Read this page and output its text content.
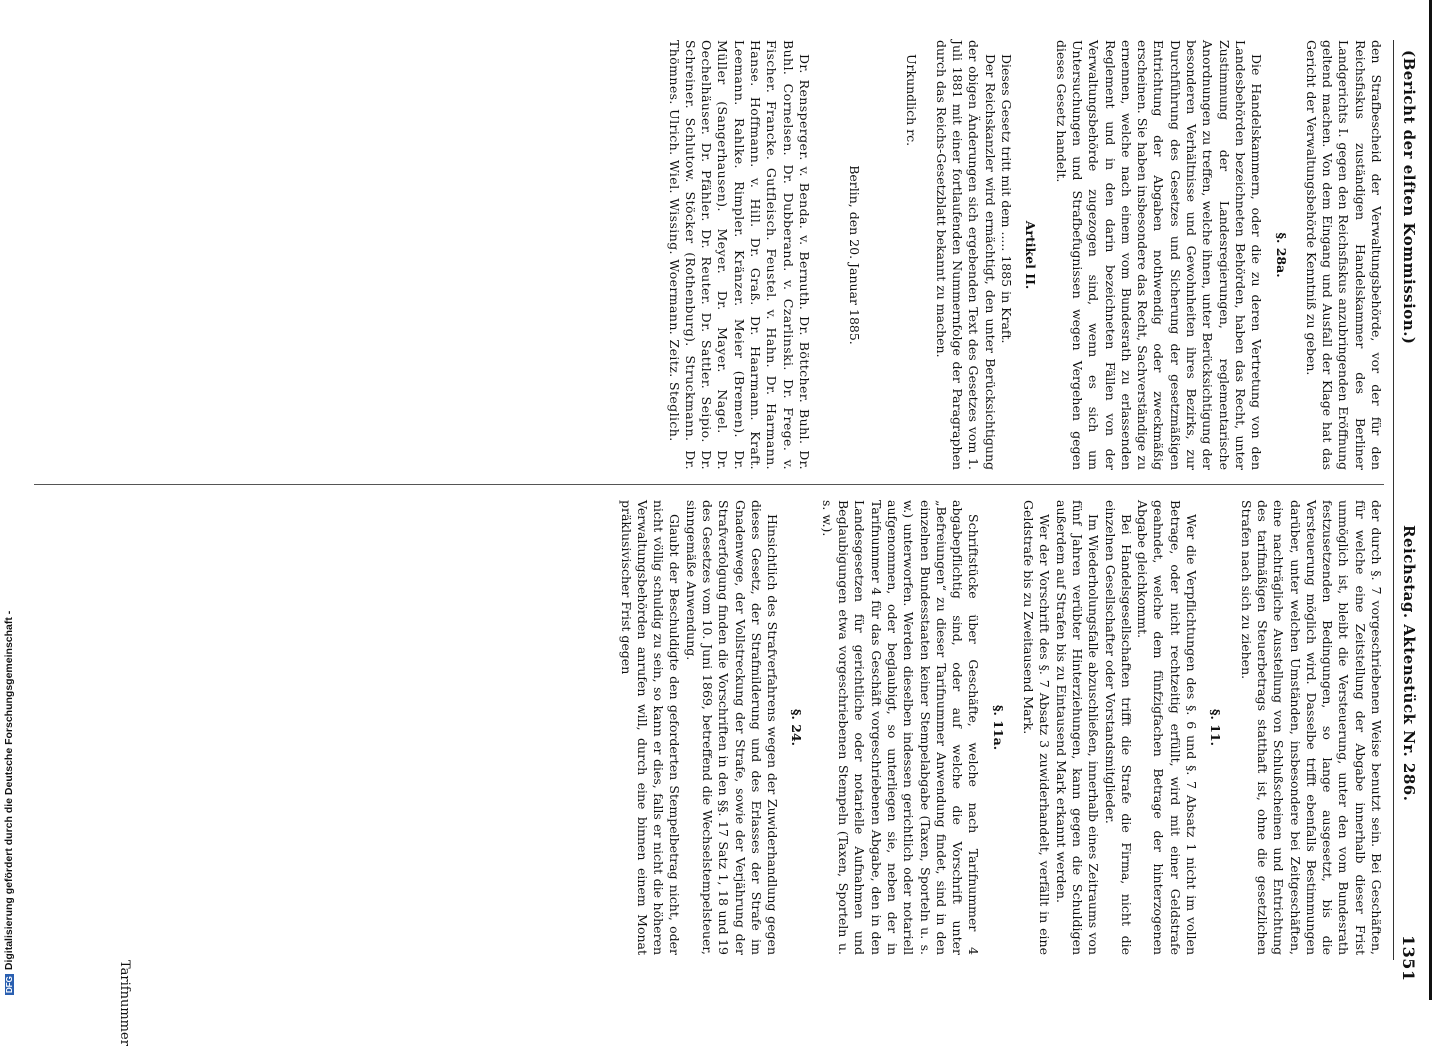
DFGDigitalisierung gefördert durch die Deutsche Forschungsgemeinschaft -
(Bericht der elften Kommission.)
Reichstag. Aktenstück Nr. 286.
1351

den Strafbescheid der Verwaltungsbehörde, vor der für den Reichsfiskus zuständigen Handelskammer des Berliner Landgerichts I. gegen den Reichsfiskus anzubringenden Eröffnung geltend machen. Von dem Eingang und Ausfall der Klage hat das Gericht der Verwaltungsbehörde Kenntniß zu geben.

§. 28a.

Die Handelskammern, oder die zu deren Vertretung von den Landesbehörden bezeichneten Behörden, haben das Recht, unter Zustimmung der Landesregierungen, reglementarische Anordnungen zu treffen, welche ihnen, unter Berücksichtigung der besonderen Verhältnisse und Gewohnheiten ihres Bezirks, zur Durchführung des Gesetzes und Sicherung der gesetzmäßigen Entrichtung der Abgaben nothwendig oder zweckmäßig erscheinen. Sie haben insbesondere das Recht, Sachverständige zu ernennen, welche nach einem vom Bundesrath zu erlassenden Reglement und in den darin bezeichneten Fällen von der Verwaltungsbehörde zugezogen sind, wenn es sich um Untersuchungen und Strafbefugnissen wegen Vergehen gegen dieses Gesetz handelt.

Artikel II.

Dieses Gesetz tritt mit dem ..... 1885 in Kraft.

Der Reichskanzler wird ermächtigt, den unter Berücksichtigung der obigen Änderungen sich ergebenden Text des Gesetzes vom 1. Juli 1881 mit einer fortlaufenden Nummernfolge der Paragraphen durch das Reichs-Gesetzblatt bekannt zu machen.

Urkundlich rc.

Berlin, den 20. Januar 1885.

Dr. Rensperger. v. Benda. v. Bernuth. Dr. Böttcher. Buhl. Dr. Buhl. Cornelsen. Dr. Dubberand. v. Czarlinski. Dr. Frege. v. Fischer. Francke. Gutfleisch. Feustel. v. Hahn. Dr. Harmann. Hanse. Hoffmann. v. Hill. Dr. Graß. Dr. Haarmann. Kraft. Leemann. Rahlke. Rimpler. Kränzer. Meier (Bremen). Dr. Müller (Sangerhausen). Meyer. Dr. Mayer. Nagel. Dr. Oechelhäuser. Dr. Pfähler. Dr. Reuter. Dr. Sattler. Seipio. Dr. Schreiner. Schlutow. Stöcker (Rothenburg). Struckmann. Dr. Thömnes. Ulrich. Wiel. Wissing. Woermann. Zeitz. Steglich.

der durch §. 7 vorgeschriebenen Weise benutzt sein. Bei Geschäften, für welche eine Zeitstellung der Abgabe innerhalb dieser Frist unmöglich ist, bleibt die Versteuerung, unter den vom Bundesrath festzusetzenden Bedingungen, so lange ausgesetzt, bis die Versteuerung möglich wird. Dasselbe trifft ebenfalls Bestimmungen darüber, unter welchen Umständen, insbesondere bei Zeitgeschäften, eine nachträgliche Ausstellung von Schlußscheinen und Entrichtung des tarifmäßigen Steuerbetrags statthaft ist, ohne die gesetzlichen Strafen nach sich zu ziehen.

§. 11.

Wer die Verpflichtungen des §. 6 und §. 7 Absatz 1 nicht im vollen Betrage, oder nicht rechtzeitig erfüllt, wird mit einer Geldstrafe geahndet, welche dem fünfzigfachen Betrage der hinterzogenen Abgabe gleichkommt.

Bei Handelsgesellschaften trifft die Strafe die Firma, nicht die einzelnen Gesellschafter oder Vorstandsmitglieder.

Im Wiederholungsfalle abzuschließen, innerhalb eines Zeitraums von fünf Jahren verübter Hinterziehungen, kann gegen die Schuldigen außerdem auf Strafen bis zu Eintausend Mark erkannt werden.

Wer der Vorschrift des §. 7 Absatz 3 zuwiderhandelt, verfällt in eine Geldstrafe bis zu Zweitausend Mark.

§. 11a.

Schriftstücke über Geschäfte, welche nach Tarifnummer 4 abgabepflichtig sind, oder auf welche die Vorschrift unter „Befreiungen“ zu dieser Tarifnummer Anwendung findet, sind in den einzelnen Bundesstaaten keiner Stempelabgabe (Taxen, Sporteln u. s. w.) unterworfen. Werden dieselben indessen gerichtlich oder notariell aufgenommen, oder beglaubigt, so unterliegen sie, neben der in Tarifnummer 4 für das Geschäft vorgeschriebenen Abgabe, den in den Landesgesetzen für gerichtliche oder notarielle Aufnahmen und Beglaubigungen etwa vorgeschriebenen Stempeln (Taxen, Sporteln u. s. w.).

§. 24.

Hinsichtlich des Strafverfahrens wegen der Zuwiderhandlung gegen dieses Gesetz, der Strafmilderung und des Erlasses der Strafe im Gnadenwege, der Vollstreckung der Strafe, sowie der Verjährung der Strafverfolgung finden die Vorschriften in den §§. 17 Satz 1, 18 und 19 des Gesetzes vom 10. Juni 1869, betreffend die Wechselstempelsteuer, sinngemäße Anwendung.

Glaubt der Beschuldigte den geforderten Stempelbetrag nicht, oder nicht völlig schuldig zu sein, so kann er dies, falls er nicht die höheren Verwaltungsbehörden anrufen will, durch eine binnen einem Monat präklusivischer Frist gegen

Tarifnummer
